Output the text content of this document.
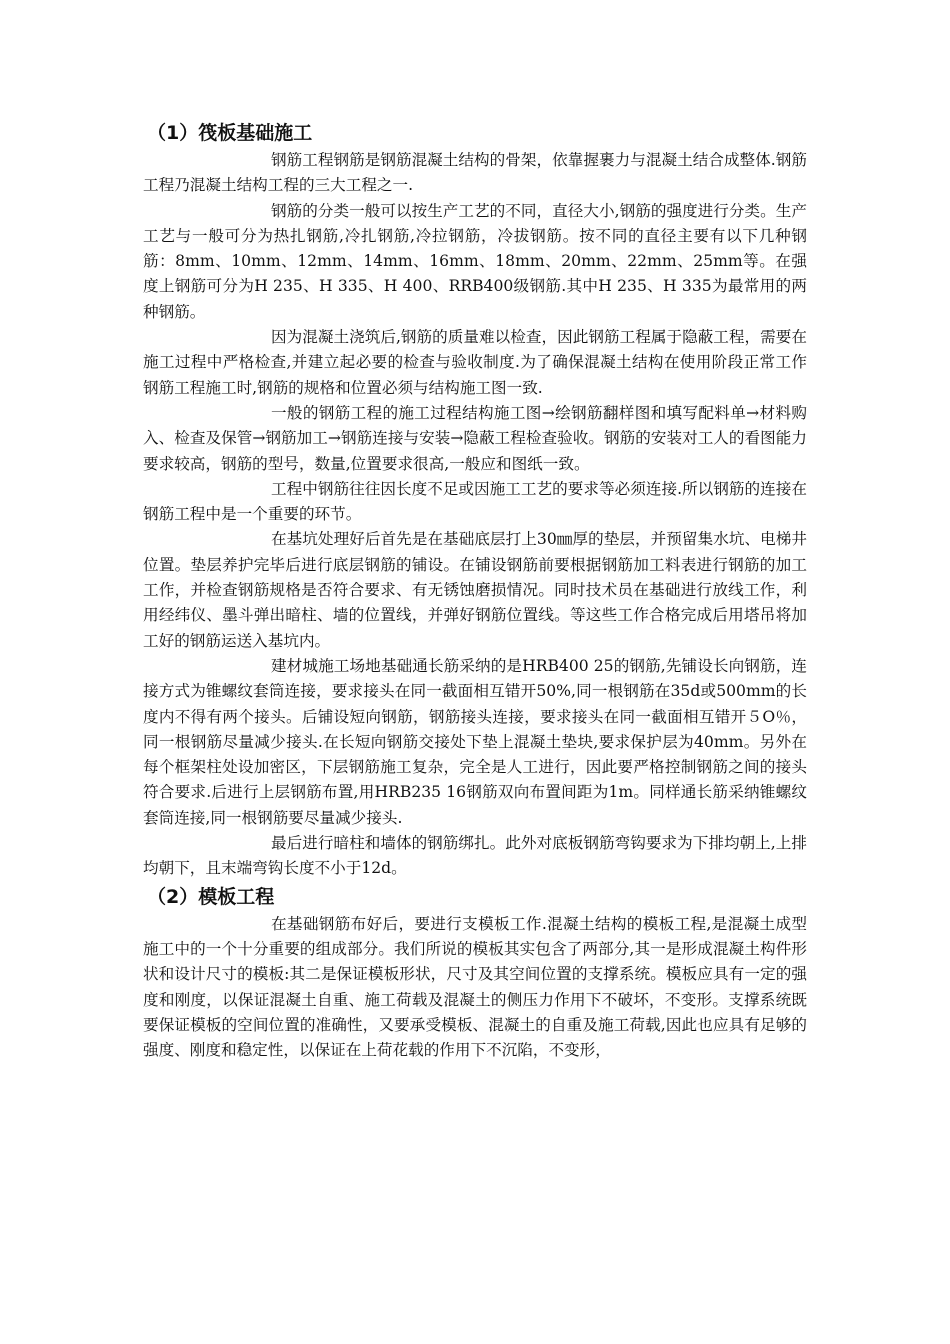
（1）筏板基础施工

钢筋工程钢筋是钢筋混凝土结构的骨架，依靠握裹力与混凝土结合成整体.钢筋工程乃混凝土结构工程的三大工程之一.

钢筋的分类一般可以按生产工艺的不同，直径大小,钢筋的强度进行分类。生产工艺与一般可分为热扎钢筋,冷扎钢筋,冷拉钢筋，冷拔钢筋。按不同的直径主要有以下几种钢筋：8mm、10mm、12mm、14mm、16mm、18mm、20mm、22mm、25mm等。在强度上钢筋可分为H 235、H 335、H 400、RRB400级钢筋.其中H 235、H 335为最常用的两种钢筋。

因为混凝土浇筑后,钢筋的质量难以检查，因此钢筋工程属于隐蔽工程，需要在施工过程中严格检查,并建立起必要的检查与验收制度.为了确保混凝土结构在使用阶段正常工作钢筋工程施工时,钢筋的规格和位置必须与结构施工图一致.

一般的钢筋工程的施工过程结构施工图→绘钢筋翻样图和填写配料单→材料购入、检查及保管→钢筋加工→钢筋连接与安装→隐蔽工程检查验收。钢筋的安装对工人的看图能力要求较高，钢筋的型号，数量,位置要求很高,一般应和图纸一致。

工程中钢筋往往因长度不足或因施工工艺的要求等必须连接.所以钢筋的连接在钢筋工程中是一个重要的环节。

在基坑处理好后首先是在基础底层打上30㎜厚的垫层，并预留集水坑、电梯井位置。垫层养护完毕后进行底层钢筋的铺设。在铺设钢筋前要根据钢筋加工料表进行钢筋的加工工作，并检查钢筋规格是否符合要求、有无锈蚀磨损情况。同时技术员在基础进行放线工作，利用经纬仪、墨斗弹出暗柱、墙的位置线，并弹好钢筋位置线。等这些工作合格完成后用塔吊将加工好的钢筋运送入基坑内。

建材城施工场地基础通长筋采纳的是HRB400 25的钢筋,先铺设长向钢筋，连接方式为锥螺纹套筒连接，要求接头在同一截面相互错开50%,同一根钢筋在35d或500mm的长度内不得有两个接头。后铺设短向钢筋，钢筋接头连接，要求接头在同一截面相互错开５O％，同一根钢筋尽量减少接头.在长短向钢筋交接处下垫上混凝土垫块,要求保护层为40mm。另外在每个框架柱处设加密区，下层钢筋施工复杂，完全是人工进行，因此要严格控制钢筋之间的接头符合要求.后进行上层钢筋布置,用HRB235 16钢筋双向布置间距为1m。同样通长筋采纳锥螺纹套筒连接,同一根钢筋要尽量减少接头.

最后进行暗柱和墙体的钢筋绑扎。此外对底板钢筋弯钩要求为下排均朝上,上排均朝下，且末端弯钩长度不小于12d。

（2）模板工程

在基础钢筋布好后，要进行支模板工作.混凝土结构的模板工程,是混凝土成型施工中的一个十分重要的组成部分。我们所说的模板其实包含了两部分,其一是形成混凝土构件形状和设计尺寸的模板:其二是保证模板形状，尺寸及其空间位置的支撑系统。模板应具有一定的强度和刚度，以保证混凝土自重、施工荷载及混凝土的侧压力作用下不破坏，不变形。支撑系统既要保证模板的空间位置的准确性，又要承受模板、混凝土的自重及施工荷载,因此也应具有足够的强度、刚度和稳定性，以保证在上荷花载的作用下不沉陷，不变形，
